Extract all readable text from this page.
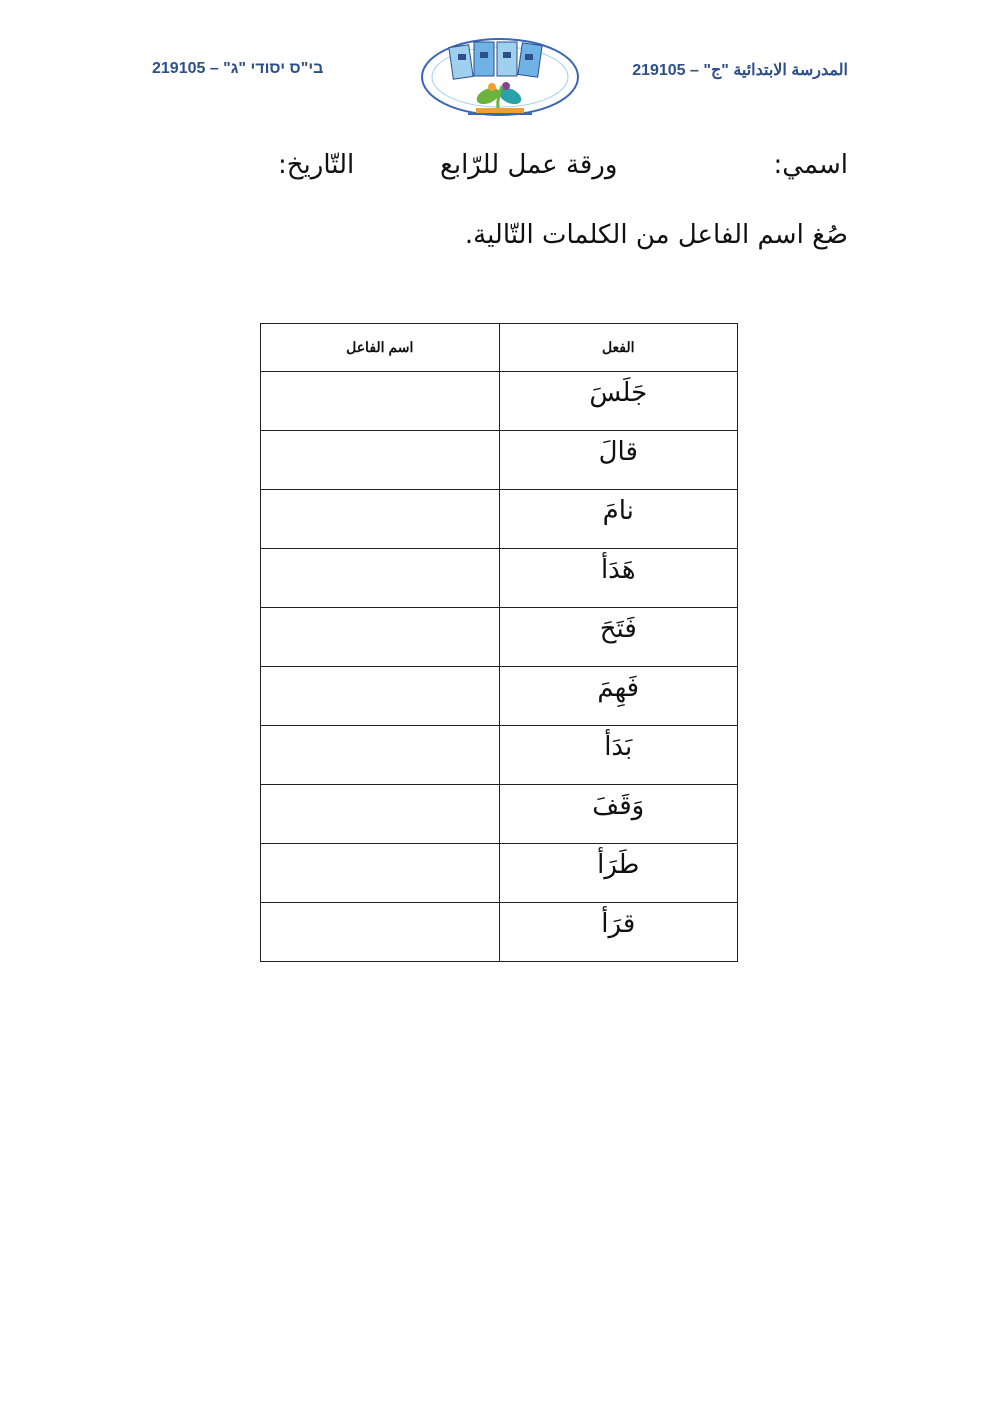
المدرسة الابتدائية "ج" – 219105
בי"ס יסודי "ג" – 219105
اسمي:
ورقة عمل للرّابع
التّاريخ:
صُغ اسم الفاعل من الكلمات التّالية.
الفعل	اسم الفاعل

جَلَسَ	

قالَ	

نامَ	

هَدَأ	

فَتَحَ	

فَهِمَ	

بَدَأ	

وَقَفَ	

طَرَأ	

قرَأ	
